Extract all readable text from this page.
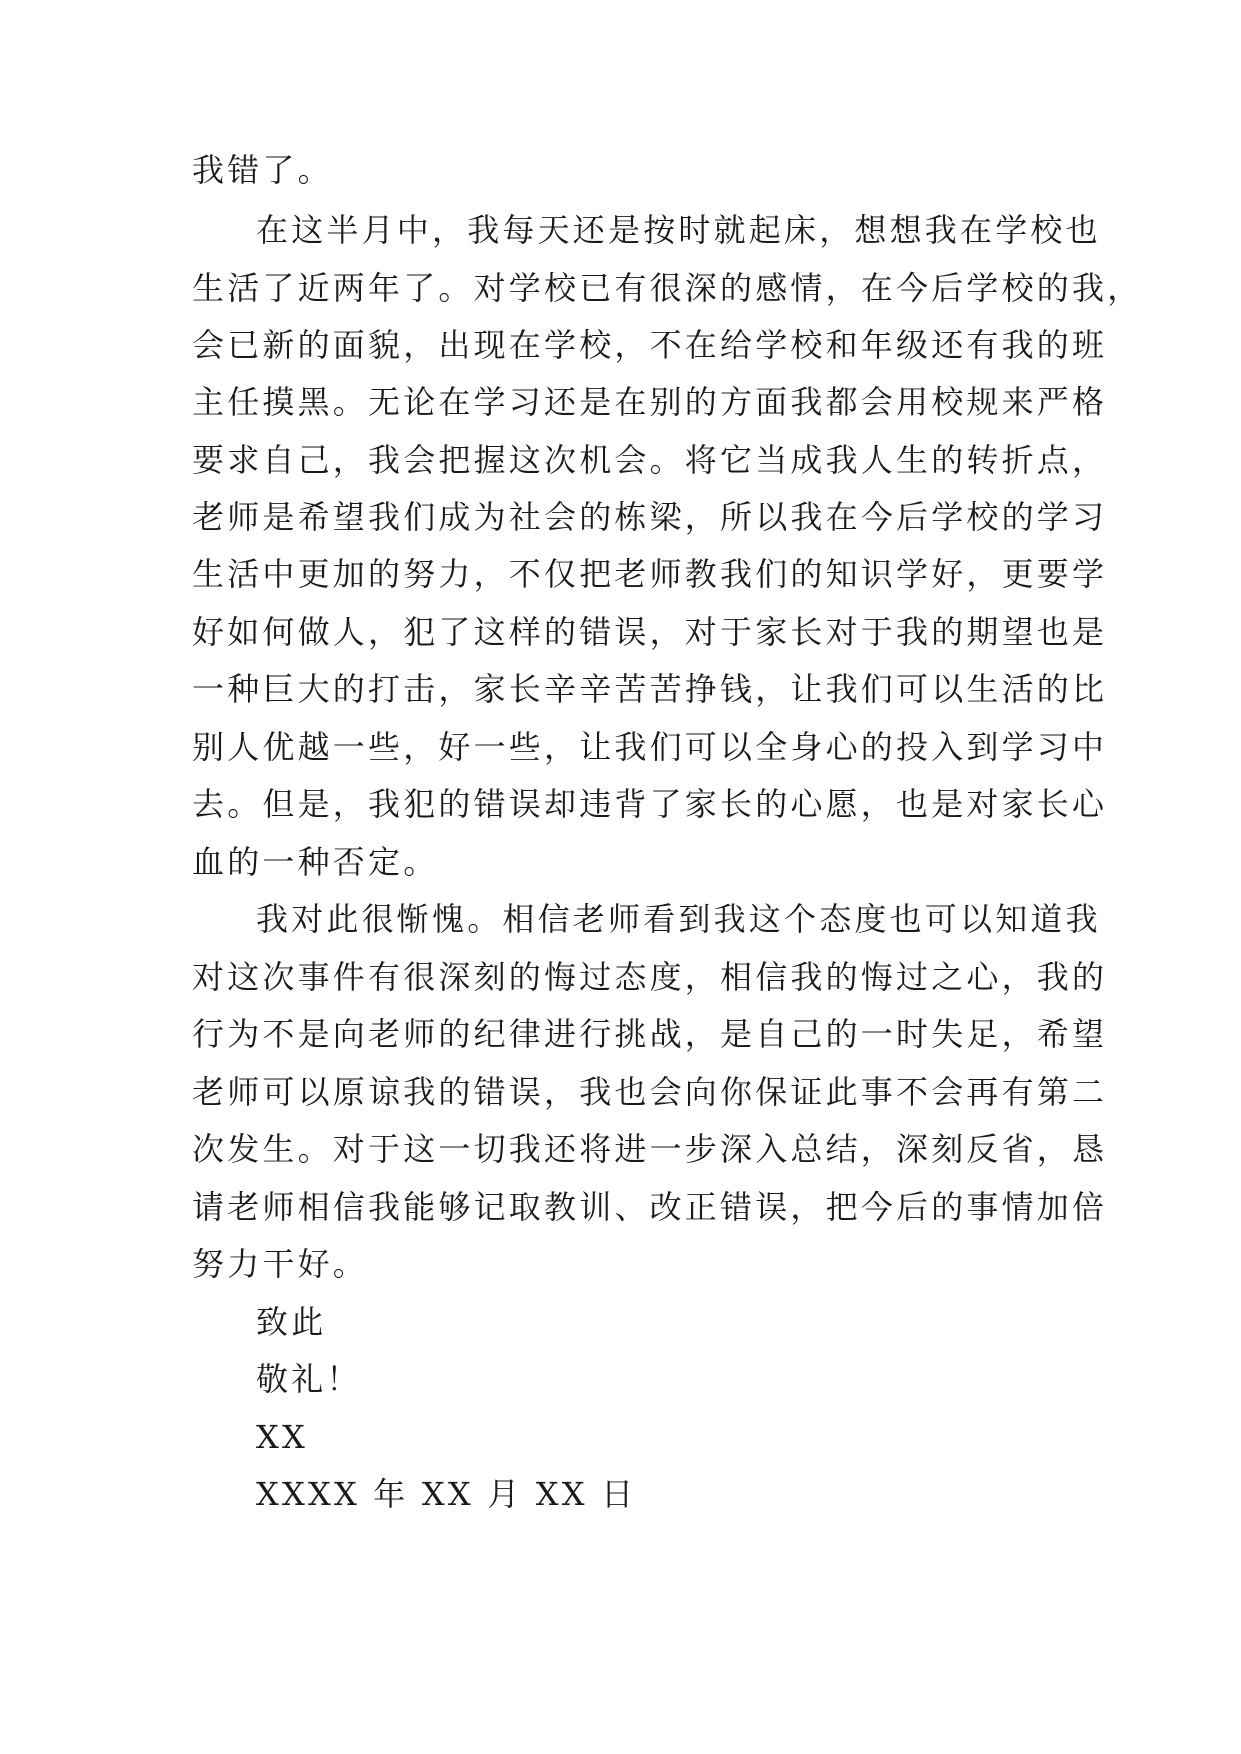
我错了。
在这半月中，我每天还是按时就起床，想想我在学校也
生活了近两年了。对学校已有很深的感情，在今后学校的我，
会已新的面貌，出现在学校，不在给学校和年级还有我的班
主任摸黑。无论在学习还是在别的方面我都会用校规来严格
要求自己，我会把握这次机会。将它当成我人生的转折点，
老师是希望我们成为社会的栋梁，所以我在今后学校的学习
生活中更加的努力，不仅把老师教我们的知识学好，更要学
好如何做人，犯了这样的错误，对于家长对于我的期望也是
一种巨大的打击，家长辛辛苦苦挣钱，让我们可以生活的比
别人优越一些，好一些，让我们可以全身心的投入到学习中
去。但是，我犯的错误却违背了家长的心愿，也是对家长心
血的一种否定。
我对此很惭愧。相信老师看到我这个态度也可以知道我
对这次事件有很深刻的悔过态度，相信我的悔过之心，我的
行为不是向老师的纪律进行挑战，是自己的一时失足，希望
老师可以原谅我的错误，我也会向你保证此事不会再有第二
次发生。对于这一切我还将进一步深入总结，深刻反省，恳
请老师相信我能够记取教训、改正错误，把今后的事情加倍
努力干好。
致此
敬礼！
XX
XXXX 年 XX 月 XX 日
